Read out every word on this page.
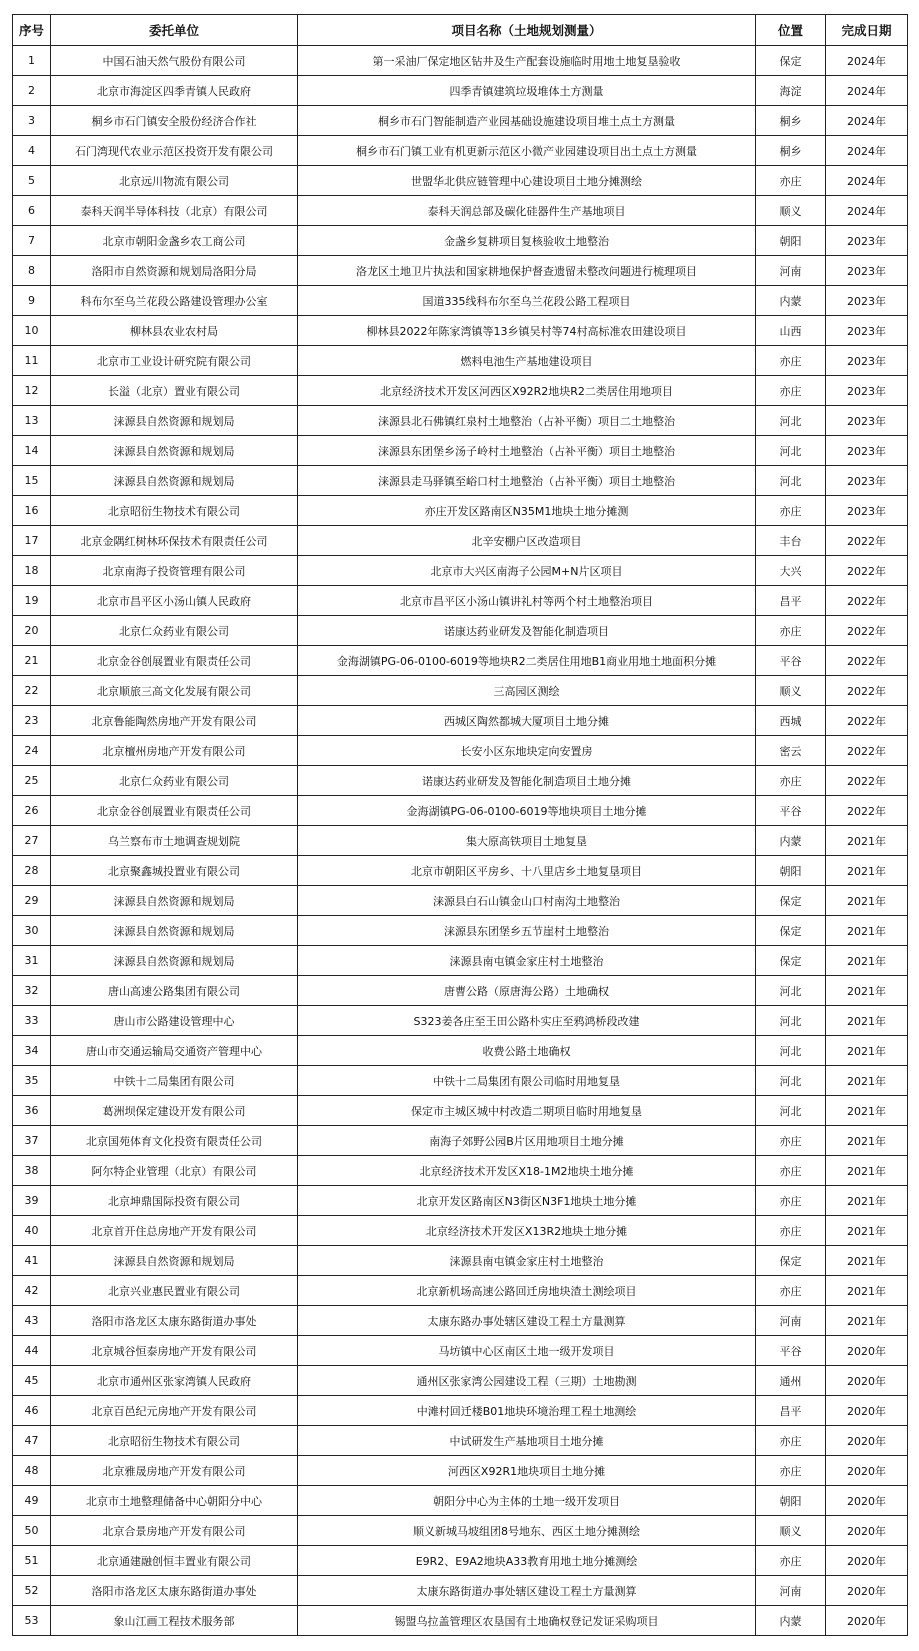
序号	委托单位	项目名称（土地规划测量）	位置	完成日期
1	中国石油天然气股份有限公司	第一采油厂保定地区钻井及生产配套设施临时用地土地复垦验收	保定	2024年
2	北京市海淀区四季青镇人民政府	四季青镇建筑垃圾堆体土方测量	海淀	2024年
3	桐乡市石门镇安全股份经济合作社	桐乡市石门智能制造产业园基础设施建设项目堆土点土方测量	桐乡	2024年
4	石门湾现代农业示范区投资开发有限公司	桐乡市石门镇工业有机更新示范区小微产业园建设项目出土点土方测量	桐乡	2024年
5	北京远川物流有限公司	世盟华北供应链管理中心建设项目土地分摊测绘	亦庄	2024年
6	泰科天润半导体科技（北京）有限公司	泰科天润总部及碳化硅器件生产基地项目	顺义	2024年
7	北京市朝阳金盏乡农工商公司	金盏乡复耕项目复核验收土地整治	朝阳	2023年
8	洛阳市自然资源和规划局洛阳分局	洛龙区土地卫片执法和国家耕地保护督查遗留未整改问题进行梳理项目	河南	2023年
9	科布尔至乌兰花段公路建设管理办公室	国道335线科布尔至乌兰花段公路工程项目	内蒙	2023年
10	柳林县农业农村局	柳林县2022年陈家湾镇等13乡镇吴村等74村高标准农田建设项目	山西	2023年
11	北京市工业设计研究院有限公司	燃料电池生产基地建设项目	亦庄	2023年
12	长溢（北京）置业有限公司	北京经济技术开发区河西区X92R2地块R2二类居住用地项目	亦庄	2023年
13	涞源县自然资源和规划局	涞源县北石佛镇红泉村土地整治（占补平衡）项目二土地整治	河北	2023年
14	涞源县自然资源和规划局	涞源县东团堡乡汤子岭村土地整治（占补平衡）项目土地整治	河北	2023年
15	涞源县自然资源和规划局	涞源县走马驿镇至峪口村土地整治（占补平衡）项目土地整治	河北	2023年
16	北京昭衍生物技术有限公司	亦庄开发区路南区N35M1地块土地分摊测	亦庄	2023年
17	北京金隅红树林环保技术有限责任公司	北辛安棚户区改造项目	丰台	2022年
18	北京南海子投资管理有限公司	北京市大兴区南海子公园M+N片区项目	大兴	2022年
19	北京市昌平区小汤山镇人民政府	北京市昌平区小汤山镇讲礼村等两个村土地整治项目	昌平	2022年
20	北京仁众药业有限公司	诺康达药业研发及智能化制造项目	亦庄	2022年
21	北京金谷创展置业有限责任公司	金海湖镇PG-06-0100-6019等地块R2二类居住用地B1商业用地土地面积分摊	平谷	2022年
22	北京顺旅三高文化发展有限公司	三高园区测绘	顺义	2022年
23	北京鲁能陶然房地产开发有限公司	西城区陶然都城大厦项目土地分摊	西城	2022年
24	北京檀州房地产开发有限公司	长安小区东地块定向安置房	密云	2022年
25	北京仁众药业有限公司	诺康达药业研发及智能化制造项目土地分摊	亦庄	2022年
26	北京金谷创展置业有限责任公司	金海湖镇PG-06-0100-6019等地块项目土地分摊	平谷	2022年
27	乌兰察布市土地调查规划院	集大原高铁项目土地复垦	内蒙	2021年
28	北京聚鑫城投置业有限公司	北京市朝阳区平房乡、十八里店乡土地复垦项目	朝阳	2021年
29	涞源县自然资源和规划局	涞源县白石山镇金山口村南沟土地整治	保定	2021年
30	涞源县自然资源和规划局	涞源县东团堡乡五节崖村土地整治	保定	2021年
31	涞源县自然资源和规划局	涞源县南屯镇金家庄村土地整治	保定	2021年
32	唐山高速公路集团有限公司	唐曹公路（原唐海公路）土地确权	河北	2021年
33	唐山市公路建设管理中心	S323姜各庄至王田公路朴实庄至鸦鸿桥段改建	河北	2021年
34	唐山市交通运输局交通资产管理中心	收费公路土地确权	河北	2021年
35	中铁十二局集团有限公司	中铁十二局集团有限公司临时用地复垦	河北	2021年
36	葛洲坝保定建设开发有限公司	保定市主城区城中村改造二期项目临时用地复垦	河北	2021年
37	北京国苑体育文化投资有限责任公司	南海子郊野公园B片区用地项目土地分摊	亦庄	2021年
38	阿尔特企业管理（北京）有限公司	北京经济技术开发区X18-1M2地块土地分摊	亦庄	2021年
39	北京坤鼎国际投资有限公司	北京开发区路南区N3街区N3F1地块土地分摊	亦庄	2021年
40	北京首开住总房地产开发有限公司	北京经济技术开发区X13R2地块土地分摊	亦庄	2021年
41	涞源县自然资源和规划局	涞源县南屯镇金家庄村土地整治	保定	2021年
42	北京兴业惠民置业有限公司	北京新机场高速公路回迁房地块渣土测绘项目	亦庄	2021年
43	洛阳市洛龙区太康东路街道办事处	太康东路办事处辖区建设工程土方量测算	河南	2021年
44	北京城谷恒泰房地产开发有限公司	马坊镇中心区南区土地一级开发项目	平谷	2020年
45	北京市通州区张家湾镇人民政府	通州区张家湾公园建设工程（三期）土地勘测	通州	2020年
46	北京百邑纪元房地产开发有限公司	中滩村回迁楼B01地块环境治理工程土地测绘	昌平	2020年
47	北京昭衍生物技术有限公司	中试研发生产基地项目土地分摊	亦庄	2020年
48	北京雅晟房地产开发有限公司	河西区X92R1地块项目土地分摊	亦庄	2020年
49	北京市土地整理储备中心朝阳分中心	朝阳分中心为主体的土地一级开发项目	朝阳	2020年
50	北京合景房地产开发有限公司	顺义新城马坡组团8号地东、西区土地分摊测绘	顺义	2020年
51	北京通建融创恒丰置业有限公司	E9R2、E9A2地块A33教育用地土地分摊测绘	亦庄	2020年
52	洛阳市洛龙区太康东路街道办事处	太康东路街道办事处辖区建设工程土方量测算	河南	2020年
53	象山江画工程技术服务部	锡盟乌拉盖管理区农垦国有土地确权登记发证采购项目	内蒙	2020年
